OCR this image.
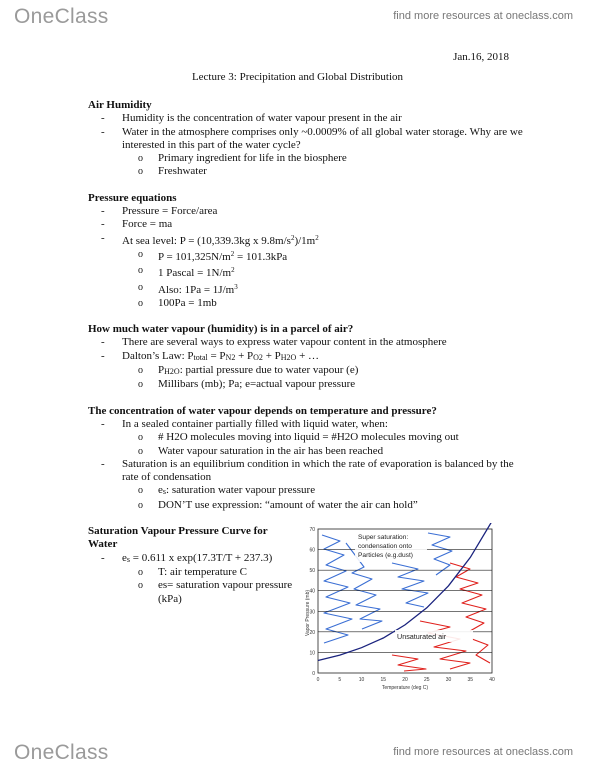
OneClass	find more resources at oneclass.com
Jan.16, 2018
Lecture 3: Precipitation and Global Distribution
Air Humidity
- Humidity is the concentration of water vapour present in the air
- Water in the atmosphere comprises only ~0.0009% of all global water storage. Why are we interested in this part of the water cycle?
o Primary ingredient for life in the biosphere
o Freshwater
Pressure equations
- Pressure = Force/area
- Force = ma
- At sea level: P = (10,339.3kg x $9.8m/s^2)/1m^2$
o $P = 101,325N/m^2 = 101.3kPa$
o 1 Pascal = $1N/m^2$
o Also: $1Pa = 1J/m^3$
o 100Pa = 1mb
How much water vapour (humidity) is in a parcel of air?
- There are several ways to express water vapour content in the atmosphere
- Dalton’s Law: Ptotal = PN2 + PO2 + PH2O + …
o PH2O: partial pressure due to water vapour (e)
o Millibars (mb); Pa; e=actual vapour pressure
The concentration of water vapour depends on temperature and pressure?
- In a sealed container partially filled with liquid water, when:
o # H2O molecules moving into liquid = #H2O molecules moving out
o Water vapour saturation in the air has been reached
- Saturation is an equilibrium condition in which the rate of evaporation is balanced by the rate of condensation
o es: saturation water vapour pressure
o DON’T use expression: “amount of water the air can hold”
Saturation Vapour Pressure Curve for Water
- es = 0.611 x exp(17.3T/T + 237.3)
o T: air temperature C
o es= saturation vapour pressure (kPa)	Vapor Pressure (mb)
Temperature (deg C)
0
10
20
30
40
50
60
70
0	5	10	15	20	25	30	35	40
Super saturation: condensation onto Particles (e.g.dust)
Unsaturated air
OneClass	find more resources at oneclass.com
